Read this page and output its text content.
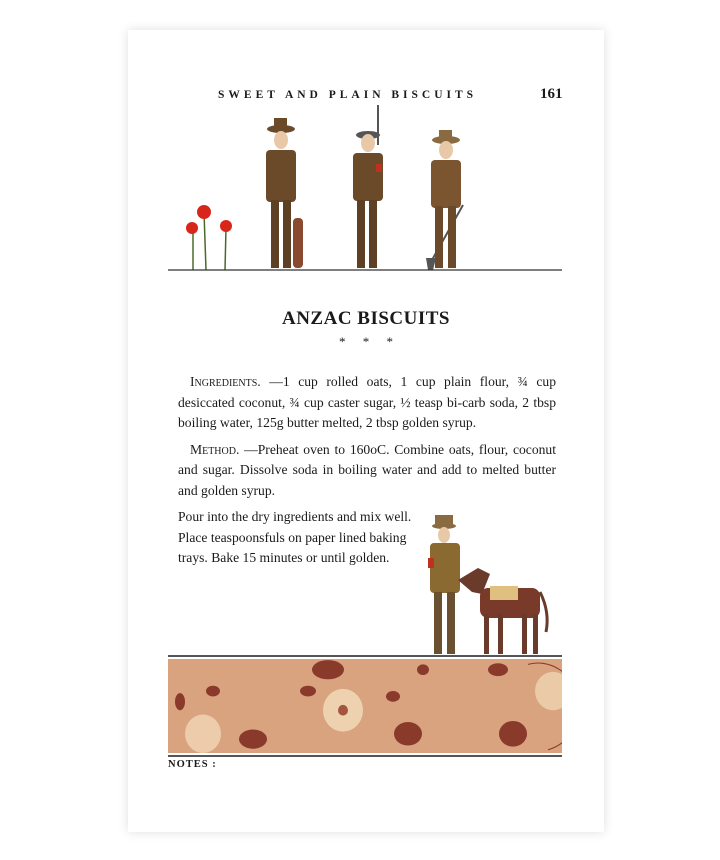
SWEET AND PLAIN BISCUITS	161
ANZAC BISCUITS
* * *

Ingredients. —1 cup rolled oats, 1 cup plain flour, ¾ cup desiccated coconut, ¾ cup caster sugar, ½ teasp bi-carb soda, 2 tbsp boiling water, 125g butter melted, 2 tbsp golden syrup.

Method. —Preheat oven to 160oC. Combine oats, flour, coconut and sugar. Dissolve soda in boiling water and add to melted butter and golden syrup.

Pour into the dry ingredients and mix well. Place teaspoonsfuls on paper lined baking trays. Bake 15 minutes or until golden.

NOTES :
